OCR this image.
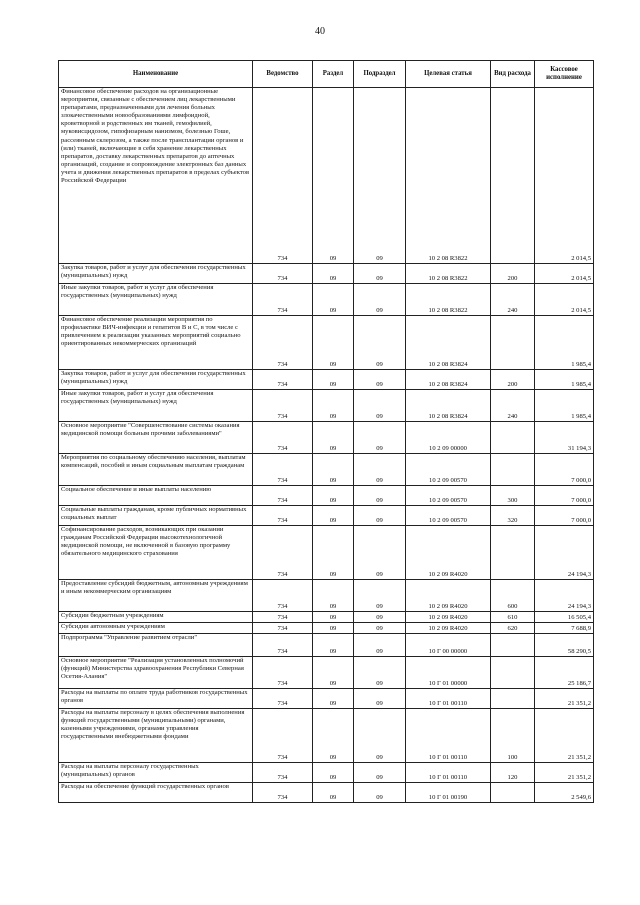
40
Наименование	Ведомство	Раздел	Подраздел	Целевая статья	Вид расхода	Кассовое исполнение
Финансовое обеспечение расходов на организационные мероприятия, связанные с обеспечением лиц лекарственными препаратами, предназначенными для лечения больных злокачественными новообразованиями лимфоидной, кроветворной и родственных им тканей, гемофилией, муковисцидозом, гипофизарным нанизмом, болезнью Гоше, рассеянным склерозом, а также после трансплантации органов и (или) тканей, включающие в себя хранение лекарственных препаратов, доставку лекарственных препаратов до аптечных организаций, создание и сопровождение электронных баз данных учета и движения лекарственных препаратов в пределах субъектов Российской Федерации	734	09	09	10 2 08 R3822		2 014,5
Закупка товаров, работ и услуг для обеспечения государственных (муниципальных) нужд	734	09	09	10 2 08 R3822	200	2 014,5
Иные закупки товаров, работ и услуг для обеспечения государственных (муниципальных) нужд	734	09	09	10 2 08 R3822	240	2 014,5
Финансовое обеспечение реализации мероприятия по профилактике ВИЧ-инфекции и гепатитов B и C, в том числе с привлечением к реализации указанных мероприятий социально ориентированных некоммерческих организаций	734	09	09	10 2 08 R3824		1 985,4
Закупка товаров, работ и услуг для обеспечения государственных (муниципальных) нужд	734	09	09	10 2 08 R3824	200	1 985,4
Иные закупки товаров, работ и услуг для обеспечения государственных (муниципальных) нужд	734	09	09	10 2 08 R3824	240	1 985,4
Основное мероприятие "Совершенствование системы оказания медицинской помощи больным прочими заболеваниями"	734	09	09	10 2 09 00000		31 194,3
Мероприятия по социальному обеспечению населения, выплатам компенсаций, пособий и иным социальным выплатам гражданам	734	09	09	10 2 09 00570		7 000,0
Социальное обеспечение и иные выплаты населению	734	09	09	10 2 09 00570	300	7 000,0
Социальные выплаты гражданам, кроме публичных нормативных социальных выплат	734	09	09	10 2 09 00570	320	7 000,0
Софинансирование расходов, возникающих при оказании гражданам Российской Федерации высокотехнологичной медицинской помощи, не включенной в базовую программу обязательного медицинского страхования	734	09	09	10 2 09 R4020		24 194,3
Предоставление субсидий бюджетным, автономным учреждениям и иным некоммерческим организациям	734	09	09	10 2 09 R4020	600	24 194,3
Субсидии бюджетным учреждениям	734	09	09	10 2 09 R4020	610	16 505,4
Субсидии автономным учреждениям	734	09	09	10 2 09 R4020	620	7 688,9
Подпрограмма "Управление развитием отрасли"	734	09	09	10 Г 00 00000		58 290,5
Основное мероприятие "Реализация установленных полномочий (функций) Министерства здравоохранения Республики Северная Осетия-Алания"	734	09	09	10 Г 01 00000		25 186,7
Расходы на выплаты по оплате труда работников государственных органов	734	09	09	10 Г 01 00110		21 351,2
Расходы на выплаты персоналу в целях обеспечения выполнения функций государственными (муниципальными) органами, казенными учреждениями, органами управления государственными внебюджетными фондами	734	09	09	10 Г 01 00110	100	21 351,2
Расходы на выплаты персоналу государственных (муниципальных) органов	734	09	09	10 Г 01 00110	120	21 351,2
Расходы на обеспечение функций государственных органов	734	09	09	10 Г 01 00190		2 549,6
